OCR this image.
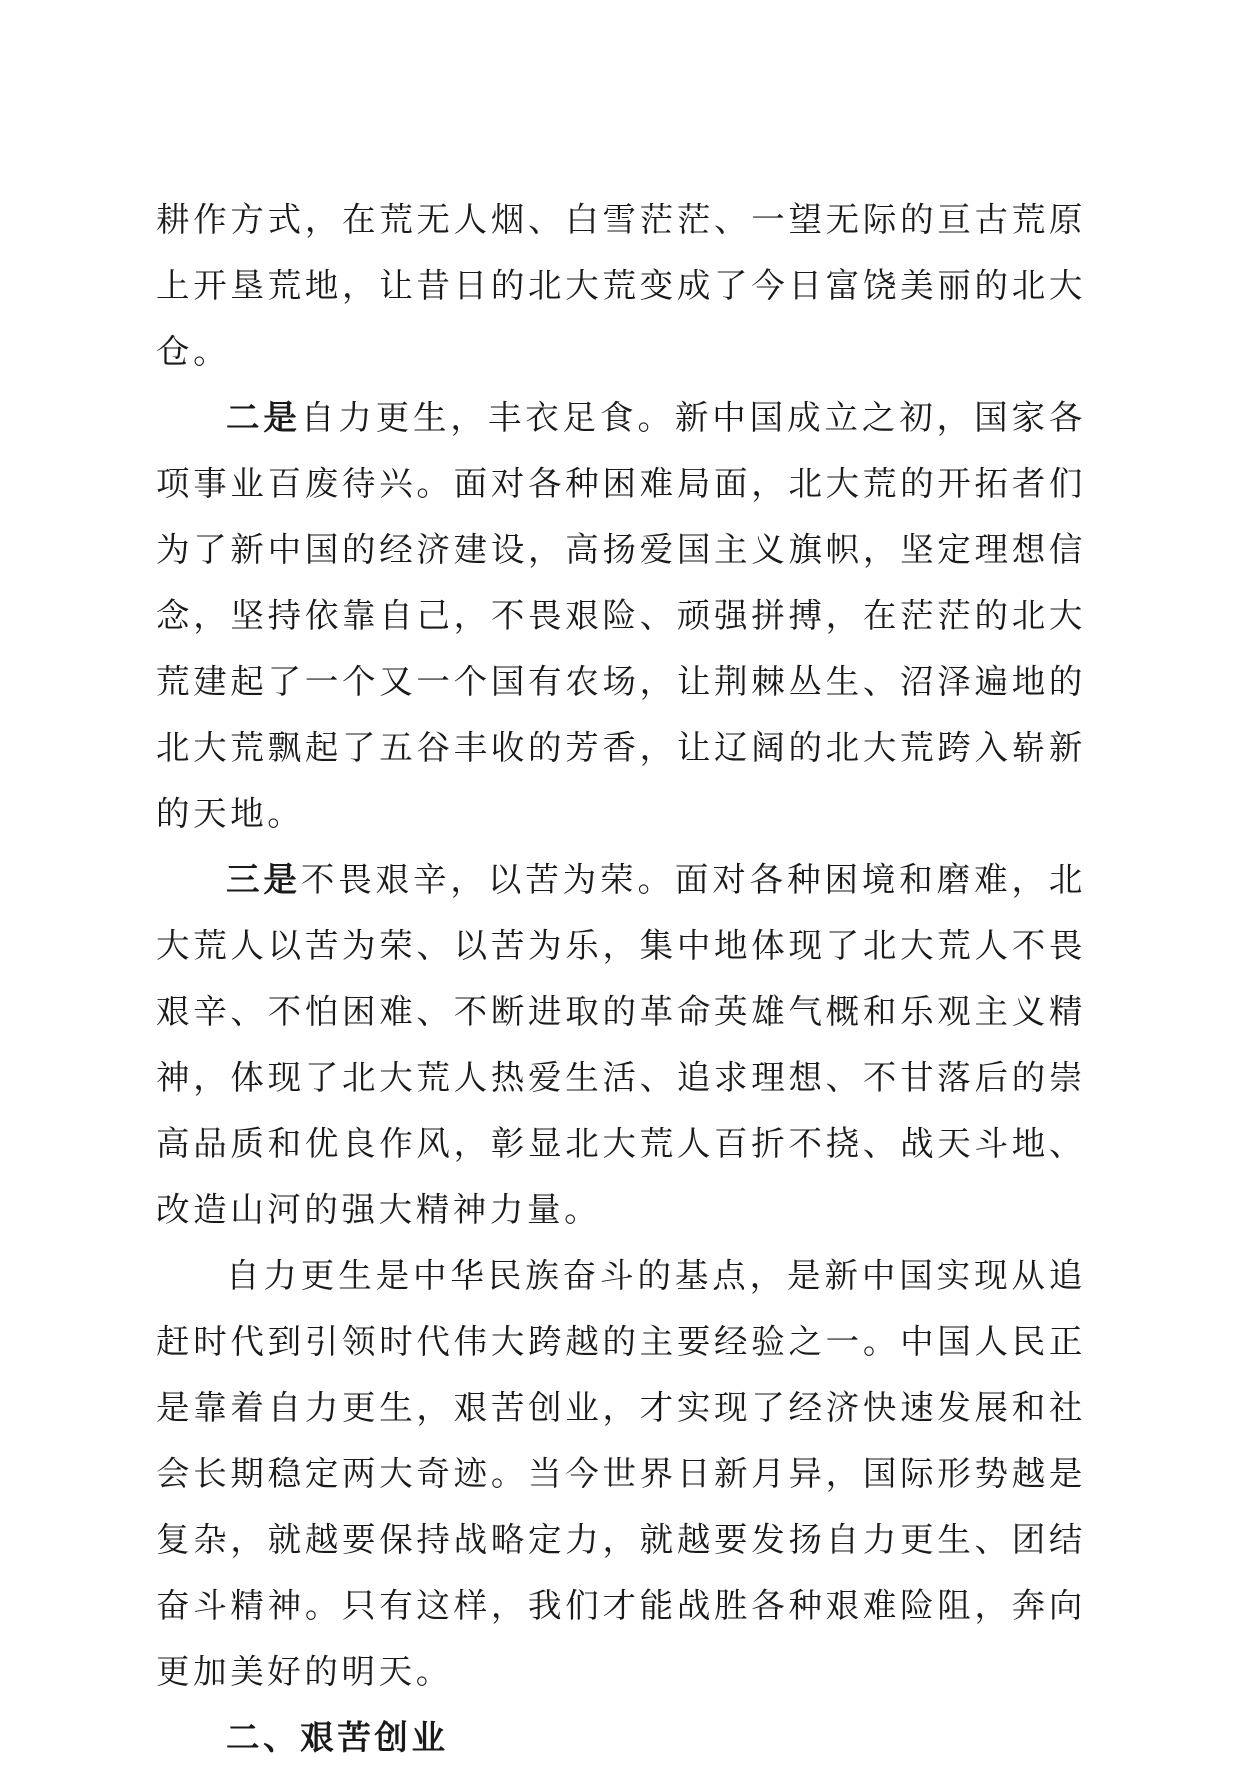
耕作方式，在荒无人烟、白雪茫茫、一望无际的亘古荒原上开垦荒地，让昔日的北大荒变成了今日富饶美丽的北大仓。

二是自力更生，丰衣足食。新中国成立之初，国家各项事业百废待兴。面对各种困难局面，北大荒的开拓者们为了新中国的经济建设，高扬爱国主义旗帜，坚定理想信念，坚持依靠自己，不畏艰险、顽强拼搏，在茫茫的北大荒建起了一个又一个国有农场，让荆棘丛生、沼泽遍地的北大荒飘起了五谷丰收的芳香，让辽阔的北大荒跨入崭新的天地。

三是不畏艰辛，以苦为荣。面对各种困境和磨难，北大荒人以苦为荣、以苦为乐，集中地体现了北大荒人不畏艰辛、不怕困难、不断进取的革命英雄气概和乐观主义精神，体现了北大荒人热爱生活、追求理想、不甘落后的崇高品质和优良作风，彰显北大荒人百折不挠、战天斗地、改造山河的强大精神力量。

自力更生是中华民族奋斗的基点，是新中国实现从追赶时代到引领时代伟大跨越的主要经验之一。中国人民正是靠着自力更生，艰苦创业，才实现了经济快速发展和社会长期稳定两大奇迹。当今世界日新月异，国际形势越是复杂，就越要保持战略定力，就越要发扬自力更生、团结奋斗精神。只有这样，我们才能战胜各种艰难险阻，奔向更加美好的明天。

二、艰苦创业
